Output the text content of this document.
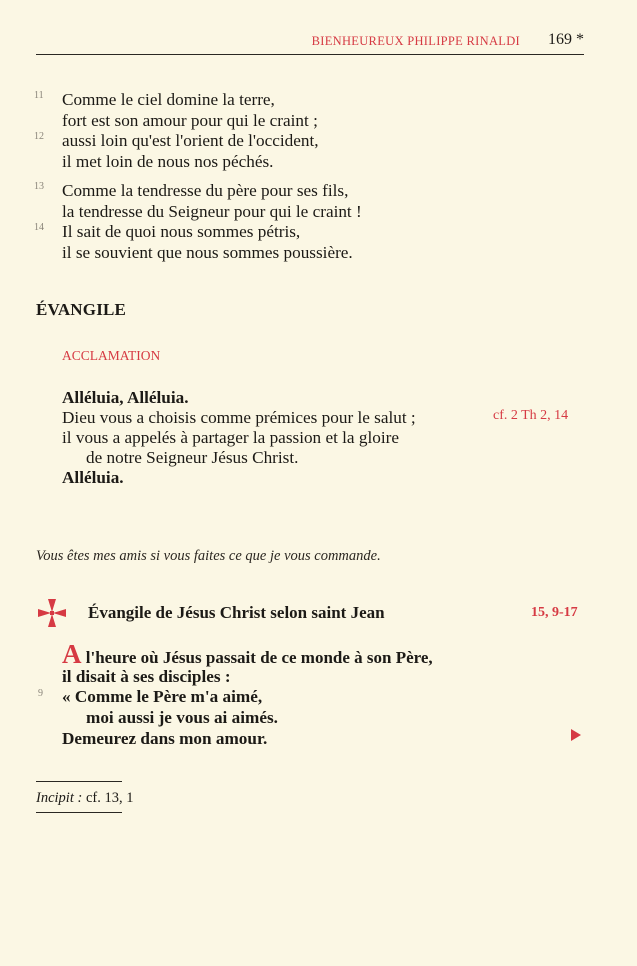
BIENHEUREUX PHILIPPE RINALDI 169 *
11 Comme le ciel domine la terre,
fort est son amour pour qui le craint ;
12 aussi loin qu'est l'orient de l'occident,
il met loin de nous nos péchés.
13 Comme la tendresse du père pour ses fils,
la tendresse du Seigneur pour qui le craint !
14 Il sait de quoi nous sommes pétris,
il se souvient que nous sommes poussière.
ÉVANGILE
ACCLAMATION
Alléluia, Alléluia.
Dieu vous a choisis comme prémices pour le salut ;	cf. 2 Th 2, 14
il vous a appelés à partager la passion et la gloire
de notre Seigneur Jésus Christ.
Alléluia.
Vous êtes mes amis si vous faites ce que je vous commande.
Évangile de Jésus Christ selon saint Jean	15, 9-17
A l'heure où Jésus passait de ce monde à son Père,
il disait à ses disciples :
9 « Comme le Père m'a aimé,
moi aussi je vous ai aimés.
Demeurez dans mon amour.
Incipit : cf. 13, 1
